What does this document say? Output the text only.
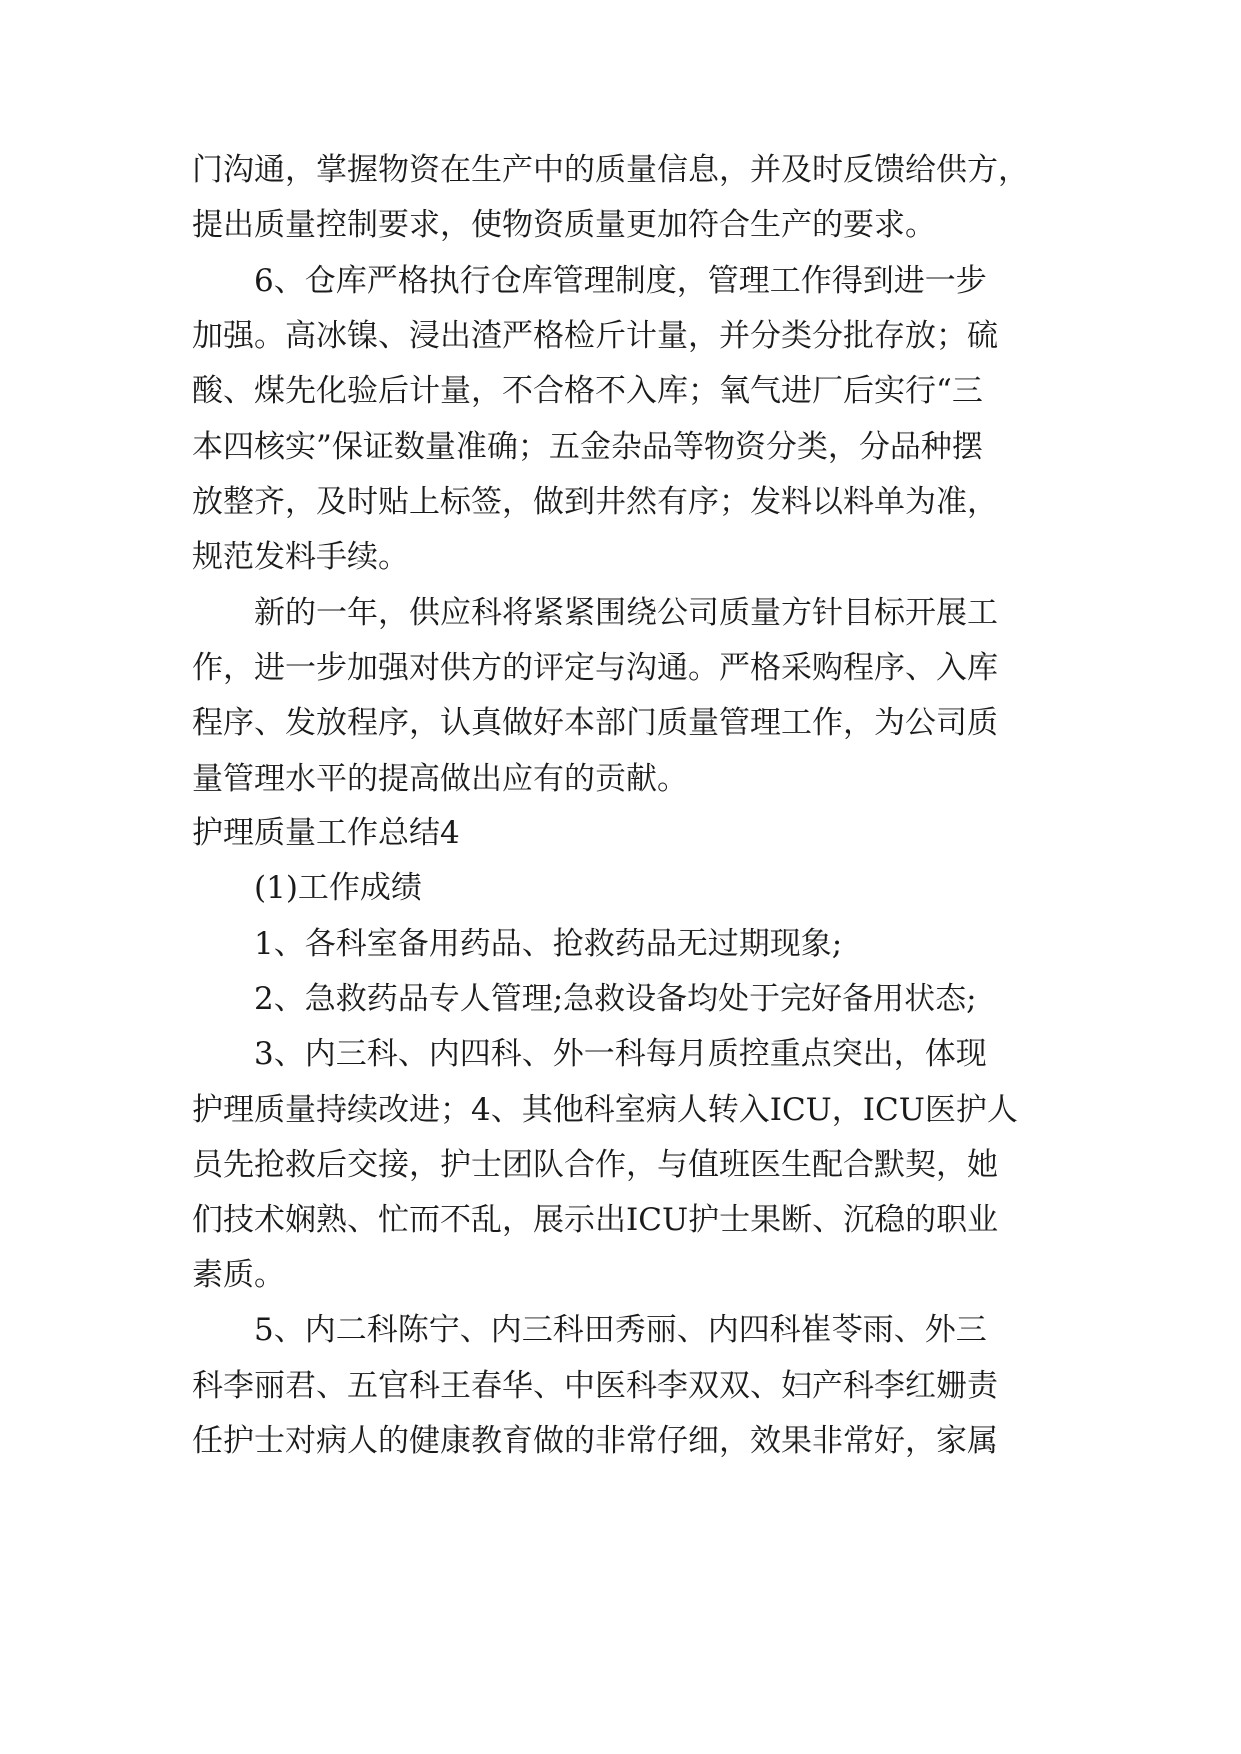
门沟通，掌握物资在生产中的质量信息，并及时反馈给供方，
提出质量控制要求，使物资质量更加符合生产的要求。
6、仓库严格执行仓库管理制度，管理工作得到进一步
加强。高冰镍、浸出渣严格检斤计量，并分类分批存放；硫
酸、煤先化验后计量，不合格不入库；氧气进厂后实行“三
本四核实”保证数量准确；五金杂品等物资分类，分品种摆
放整齐，及时贴上标签，做到井然有序；发料以料单为准，
规范发料手续。
新的一年，供应科将紧紧围绕公司质量方针目标开展工
作，进一步加强对供方的评定与沟通。严格采购程序、入库
程序、发放程序，认真做好本部门质量管理工作，为公司质
量管理水平的提高做出应有的贡献。
护理质量工作总结4
(1)工作成绩
1、各科室备用药品、抢救药品无过期现象;
2、急救药品专人管理;急救设备均处于完好备用状态;
3、内三科、内四科、外一科每月质控重点突出，体现
护理质量持续改进；4、其他科室病人转入ICU，ICU医护人
员先抢救后交接，护士团队合作，与值班医生配合默契，她
们技术娴熟、忙而不乱，展示出ICU护士果断、沉稳的职业
素质。
5、内二科陈宁、内三科田秀丽、内四科崔苓雨、外三
科李丽君、五官科王春华、中医科李双双、妇产科李红姗责
任护士对病人的健康教育做的非常仔细，效果非常好，家属
